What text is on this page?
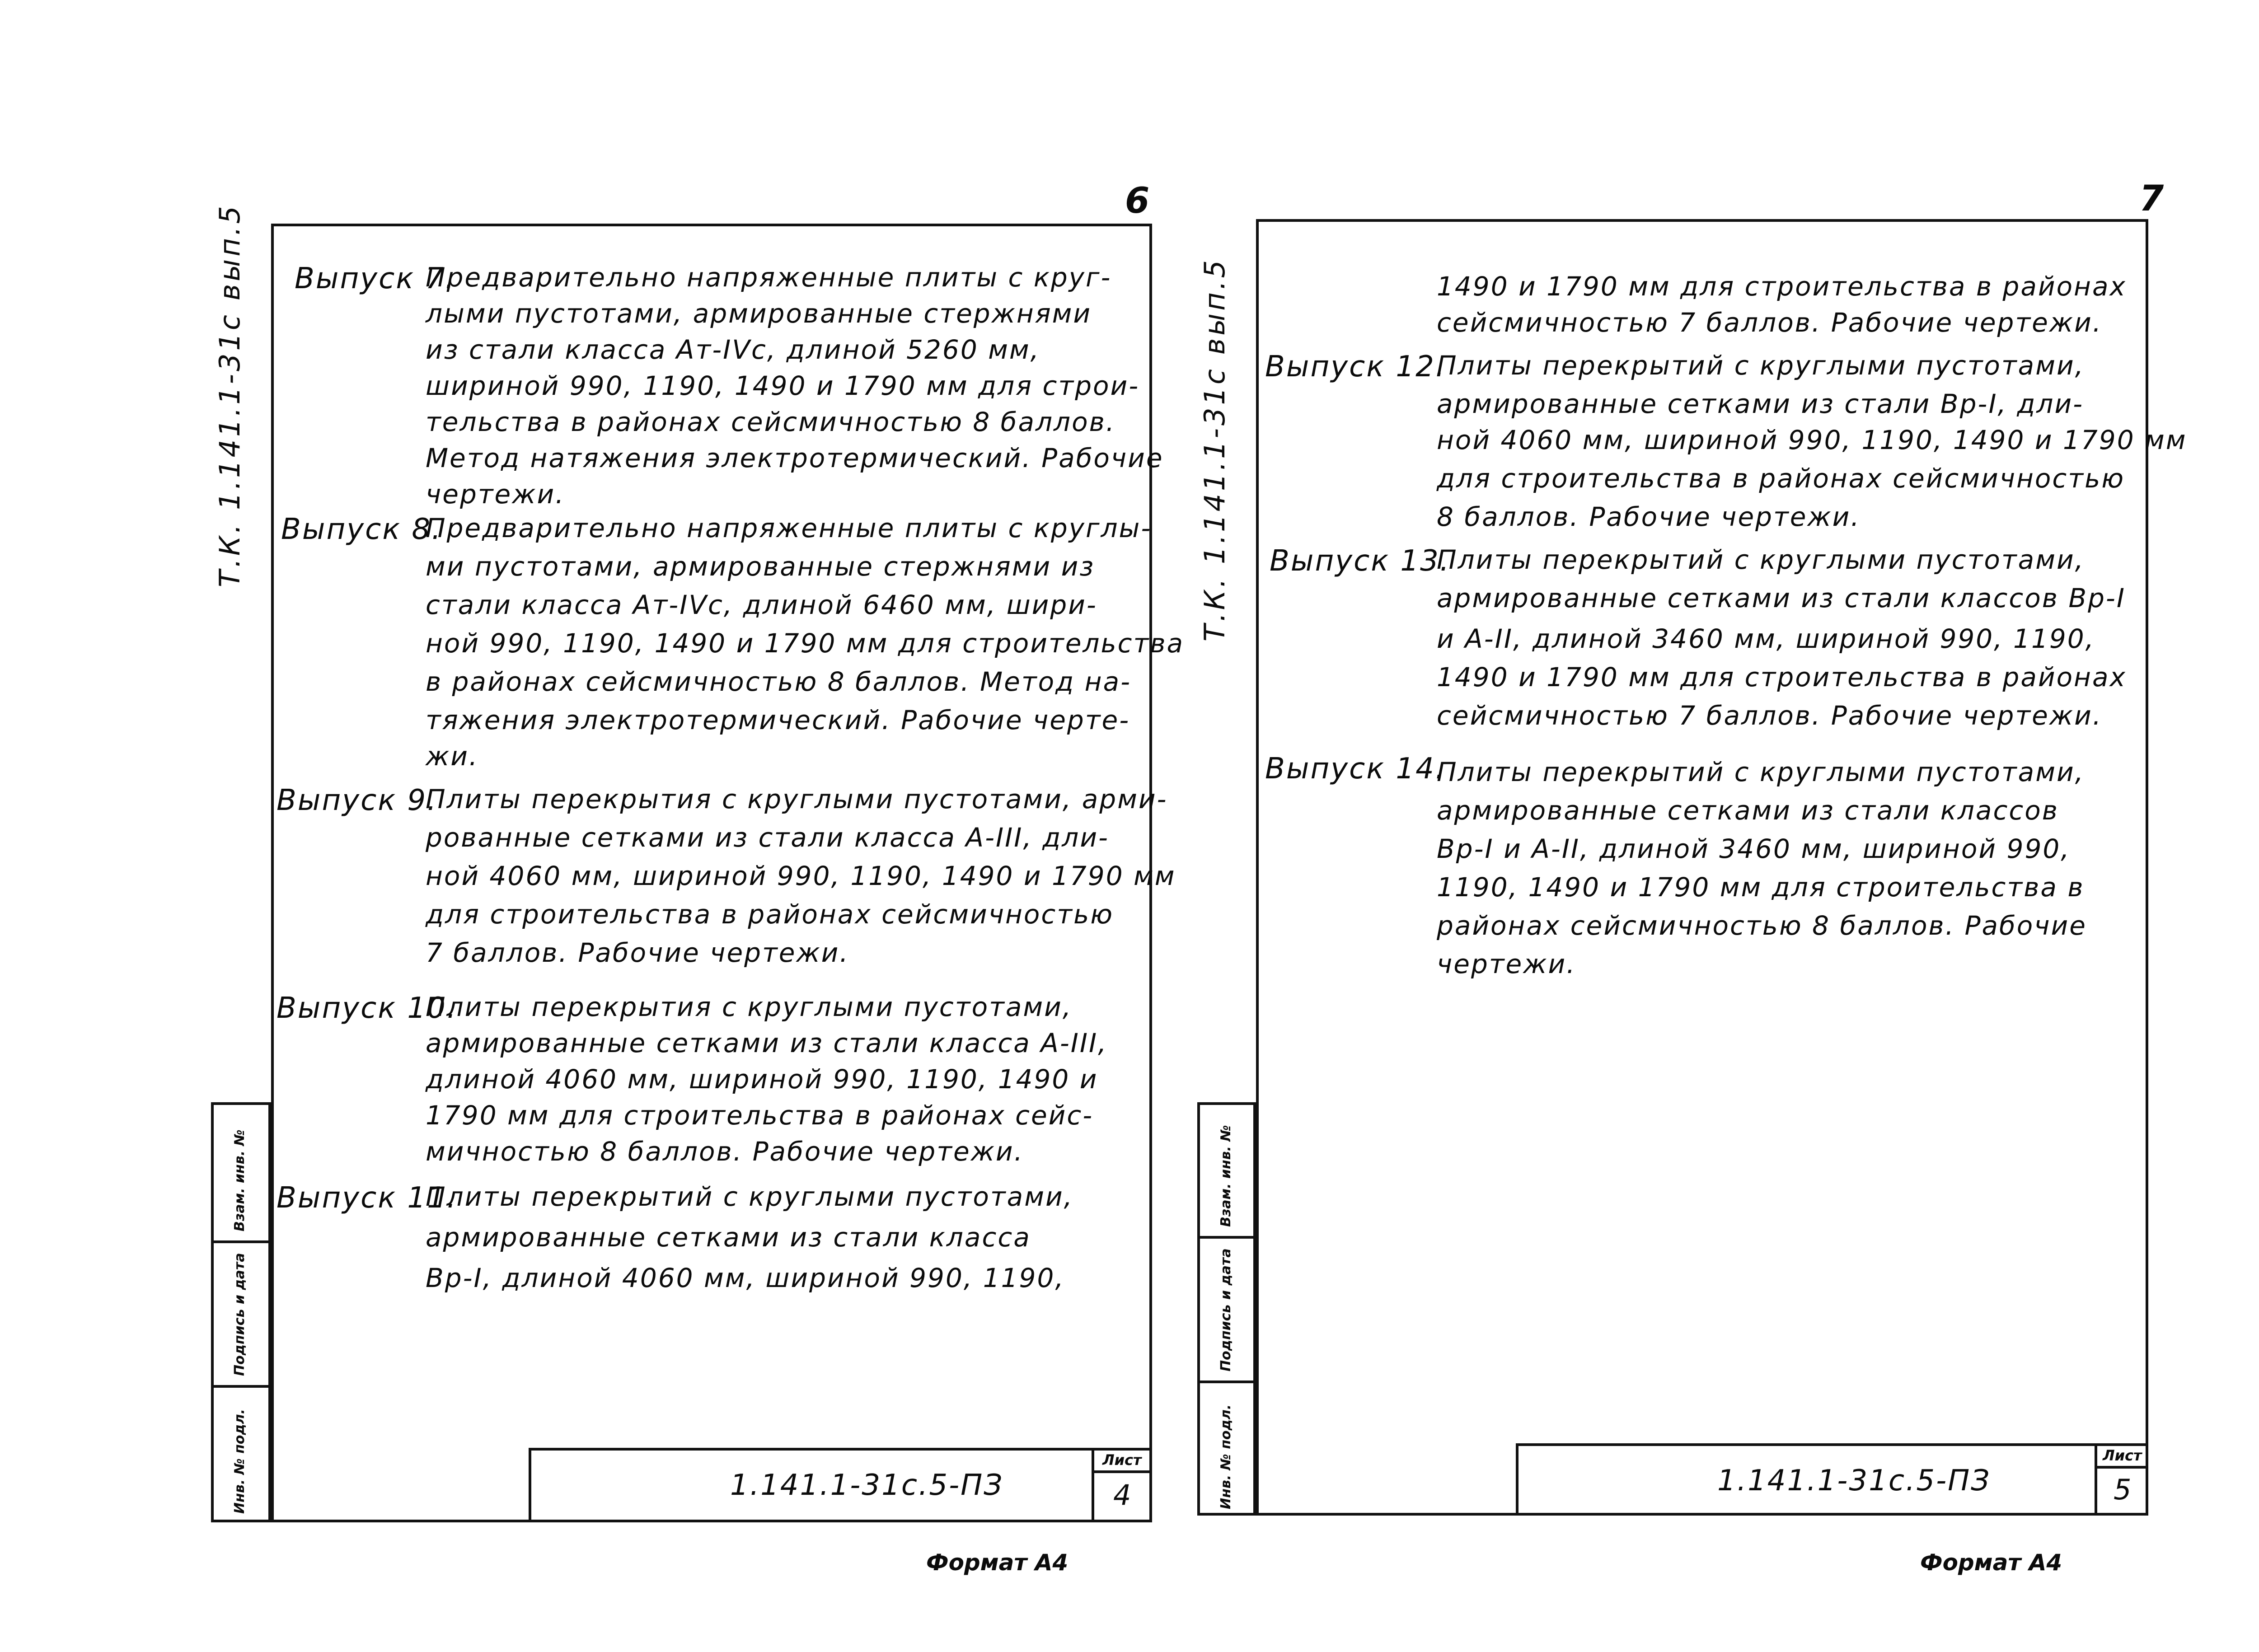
6
Т.К. 1.141.1-31с вып.5
Инв. № подл.
Подпись и дата
Взам. инв. №
Выпуск 7.
Предварительно напряженные плиты с круг-
лыми пустотами, армированные стержнями
из стали класса Ат-IVс, длиной 5260 мм,
шириной 990, 1190, 1490 и 1790 мм для строи-
тельства в районах сейсмичностью 8 баллов.
Метод натяжения электротермический. Рабочие
чертежи.
Выпуск 8.
Предварительно напряженные плиты с круглы-
ми пустотами, армированные стержнями из
стали класса Ат-IVс, длиной 6460 мм, шири-
ной 990, 1190, 1490 и 1790 мм для строительства
в районах сейсмичностью 8 баллов. Метод на-
тяжения электротермический. Рабочие черте-
жи.
Выпуск 9.
Плиты перекрытия с круглыми пустотами, арми-
рованные сетками из стали класса A-III, дли-
ной 4060 мм, шириной 990, 1190, 1490 и 1790 мм
для строительства в районах сейсмичностью
7 баллов. Рабочие чертежи.
Выпуск 10.
Плиты перекрытия с круглыми пустотами,
армированные сетками из стали класса A-III,
длиной 4060 мм, шириной 990, 1190, 1490 и
1790 мм для строительства в районах сейс-
мичностью 8 баллов. Рабочие чертежи.
Выпуск 11.
Плиты перекрытий с круглыми пустотами,
армированные сетками из стали класса
Вр-I, длиной 4060 мм, шириной 990, 1190,
1.141.1-31с.5-ПЗ
Лист
4
Формат А4
7
Т.К. 1.141.1-31с вып.5
Инв. № подл.
Подпись и дата
Взам. инв. №
1490 и 1790 мм для строительства в районах
сейсмичностью 7 баллов. Рабочие чертежи.
Выпуск 12.
Плиты перекрытий с круглыми пустотами,
армированные сетками из стали Вр-I, дли-
ной 4060 мм, шириной 990, 1190, 1490 и 1790 мм
для строительства в районах сейсмичностью
8 баллов. Рабочие чертежи.
Выпуск 13.
Плиты перекрытий с круглыми пустотами,
армированные сетками из стали классов Вр-I
и A-II, длиной 3460 мм, шириной 990, 1190,
1490 и 1790 мм для строительства в районах
сейсмичностью 7 баллов. Рабочие чертежи.
Выпуск 14.
Плиты перекрытий с круглыми пустотами,
армированные сетками из стали классов
Вр-I и A-II, длиной 3460 мм, шириной 990,
1190, 1490 и 1790 мм для строительства в
районах сейсмичностью 8 баллов. Рабочие
чертежи.
1.141.1-31с.5-ПЗ
Лист
5
Формат А4
